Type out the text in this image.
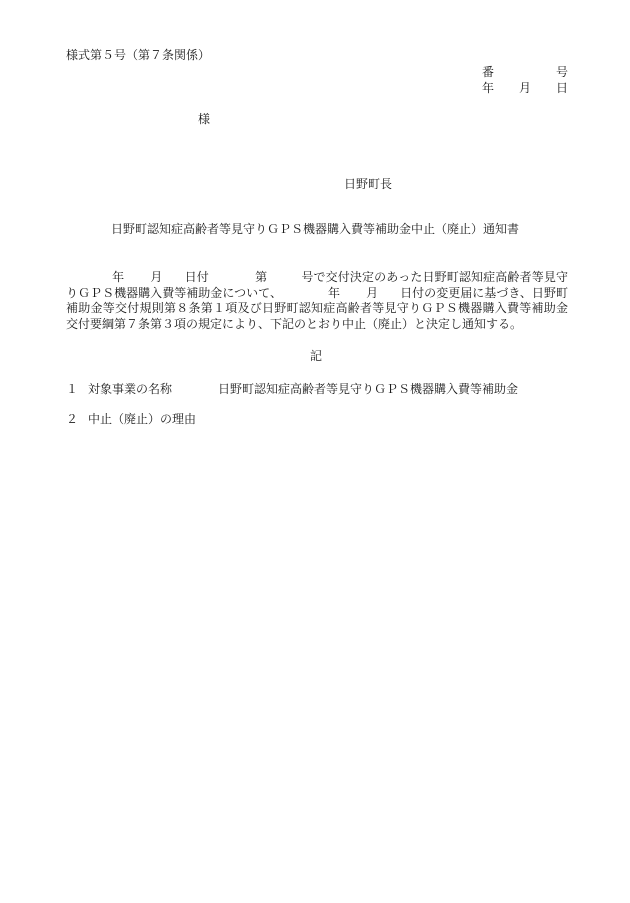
様式第５号（第７条関係）
番	号
年 月 日
様
日野町長
日野町認知症高齢者等見守りＧＰＳ機器購入費等補助金中止（廃止）通知書
年 月 日付	第	号で交付決定のあった日野町認知症高齢者等見守りＧＰＳ機器購入費等補助金について、	年 月 日付の変更届に基づき、日野町補助金等交付規則第８条第１項及び日野町認知症高齢者等見守りＧＰＳ機器購入費等補助金交付要綱第７条第３項の規定により、下記のとおり中止（廃止）と決定し通知する。
記
１ 対象事業の名称	日野町認知症高齢者等見守りＧＰＳ機器購入費等補助金
２ 中止（廃止）の理由
